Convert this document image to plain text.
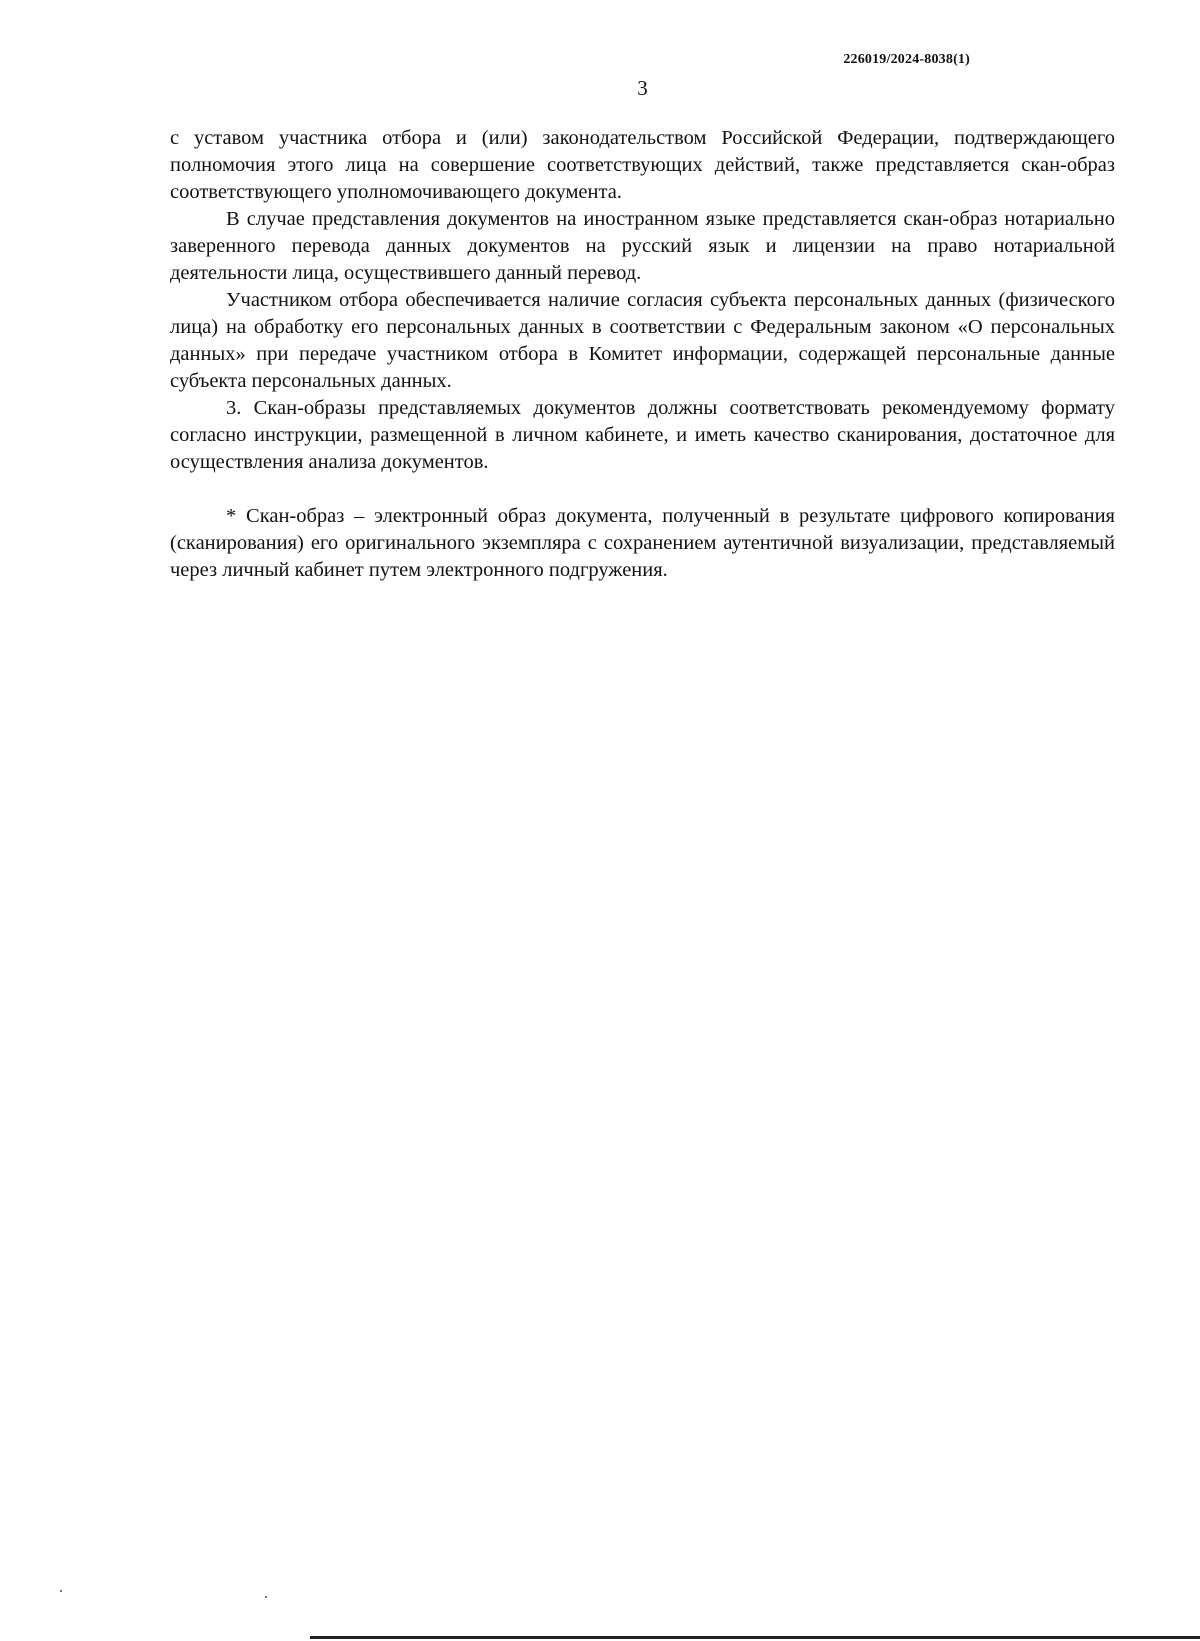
226019/2024-8038(1)
3

с уставом участника отбора и (или) законодательством Российской Федерации, подтверждающего полномочия этого лица на совершение соответствующих действий, также представляется скан-образ соответствующего уполномочивающего документа.

В случае представления документов на иностранном языке представляется скан-образ нотариально заверенного перевода данных документов на русский язык и лицензии на право нотариальной деятельности лица, осуществившего данный перевод.

Участником отбора обеспечивается наличие согласия субъекта персональных данных (физического лица) на обработку его персональных данных в соответствии с Федеральным законом «О персональных данных» при передаче участником отбора в Комитет информации, содержащей персональные данные субъекта персональных данных.

3. Скан-образы представляемых документов должны соответствовать рекомендуемому формату согласно инструкции, размещенной в личном кабинете, и иметь качество сканирования, достаточное для осуществления анализа документов.

* Скан-образ – электронный образ документа, полученный в результате цифрового копирования (сканирования) его оригинального экземпляра с сохранением аутентичной визуализации, представляемый через личный кабинет путем электронного подгружения.
